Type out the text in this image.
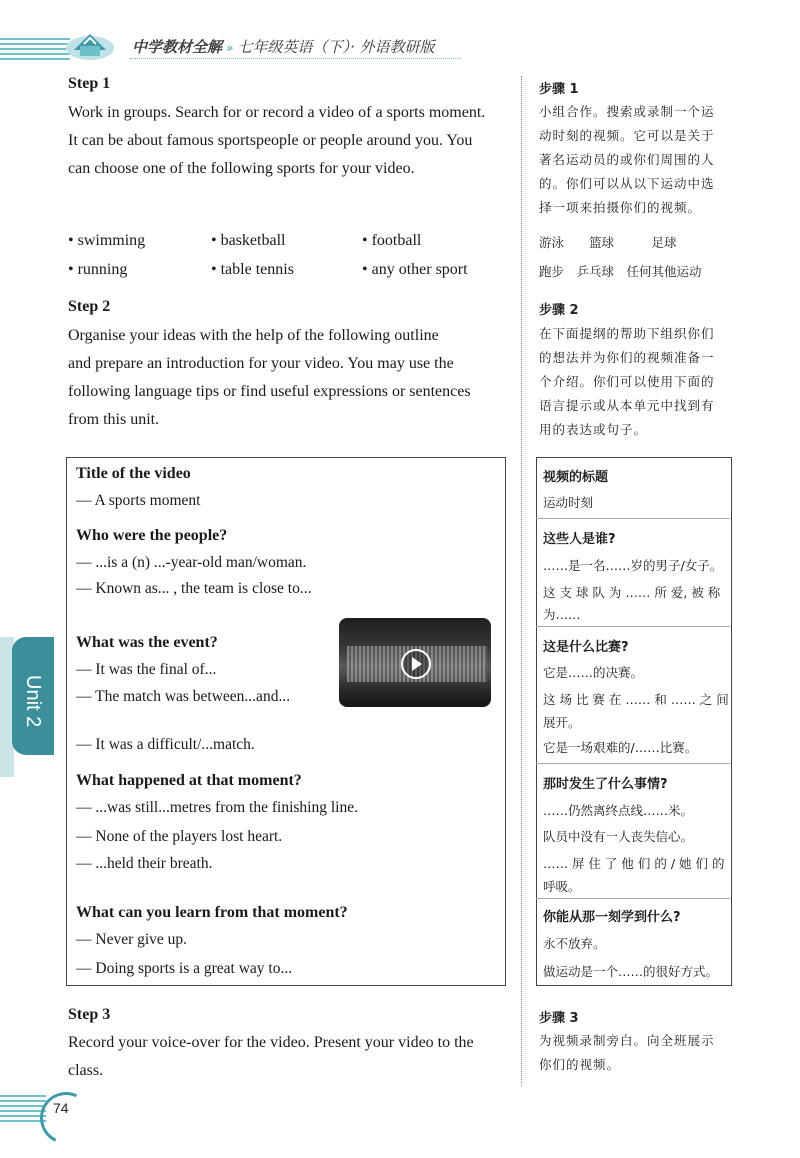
中学教材全解 » 七年级英语（下）· 外语教研版
Step 1
Work in groups. Search for or record a video of a sports moment.
It can be about famous sportspeople or people around you. You
can choose one of the following sports for your video.
• swimming	• basketball	• football
• running	• table tennis	• any other sport
Step 2
Organise your ideas with the help of the following outline
and prepare an introduction for your video. You may use the
following language tips or find useful expressions or sentences
from this unit.
Title of the video
— A sports moment
Who were the people?
— ...is a (n) ...-year-old man/woman.
— Known as... , the team is close to...
What was the event?
— It was the final of...
— The match was between...and...
— It was a difficult/...match.
What happened at that moment?
— ...was still...metres from the finishing line.
— None of the players lost heart.
— ...held their breath.
What can you learn from that moment?
— Never give up.
— Doing sports is a great way to...
Step 3
Record your voice-over for the video. Present your video to the
class.
步骤 1
小组合作。搜索或录制一个运
动时刻的视频。它可以是关于
著名运动员的或你们周围的人
的。你们可以从以下运动中选
择一项来拍摄你们的视频。
游泳　　篮球　　　足球
跑步　乒乓球　任何其他运动
步骤 2
在下面提纲的帮助下组织你们
的想法并为你们的视频准备一
个介绍。你们可以使用下面的
语言提示或从本单元中找到有
用的表达或句子。
视频的标题
运动时刻
这些人是谁?
……是一名……岁的男子/女子。
这 支 球 队 为 …… 所 爱, 被 称
为……
这是什么比赛?
它是……的决赛。
这 场 比 赛 在 …… 和 …… 之 间
展开。
它是一场艰难的/……比赛。
那时发生了什么事情?
……仍然离终点线……米。
队员中没有一人丧失信心。
…… 屏 住 了 他 们 的 / 她 们 的
呼吸。
你能从那一刻学到什么?
永不放弃。
做运动是一个……的很好方式。
步骤 3
为视频录制旁白。向全班展示
你们的视频。
Unit 2
74
